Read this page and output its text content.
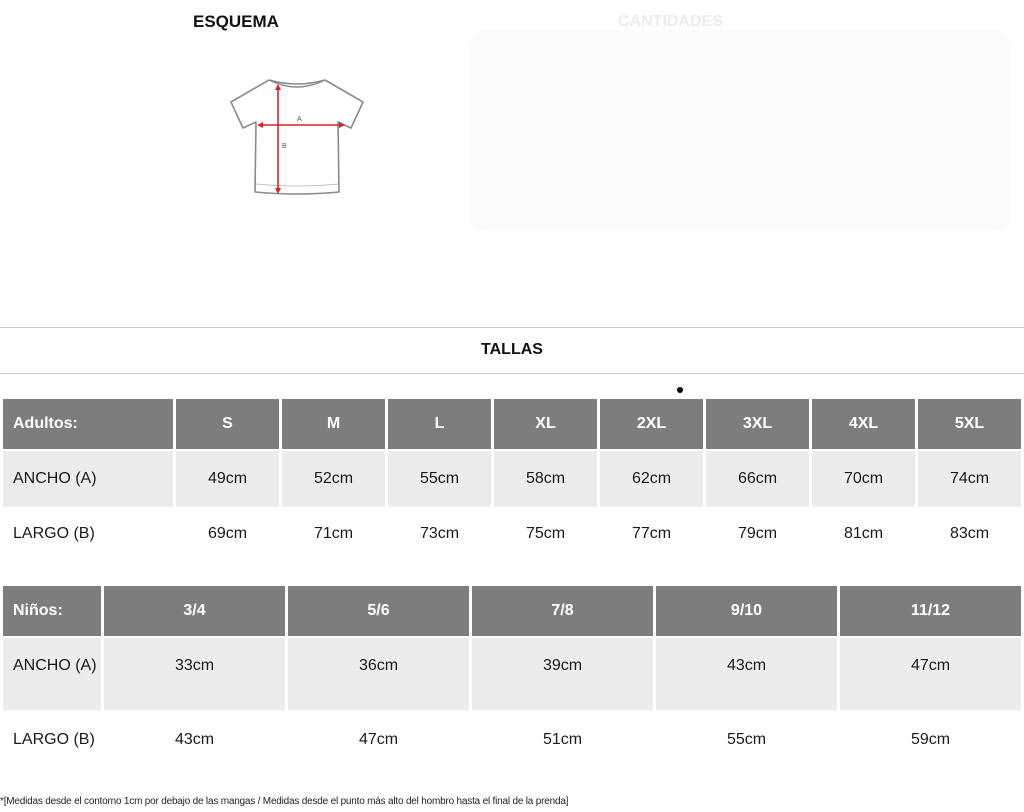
ESQUEMA	CANTIDADES
A
B
TALLAS
Adultos:	S	M	L	XL	2XL	3XL	4XL	5XL
ANCHO (A)	49cm	52cm	55cm	58cm	62cm	66cm	70cm	74cm
LARGO (B)	69cm	71cm	73cm	75cm	77cm	79cm	81cm	83cm
Niños:	3/4	5/6	7/8	9/10	11/12
ANCHO (A)	33cm	36cm	39cm	43cm	47cm
LARGO (B)	43cm	47cm	51cm	55cm	59cm
*[Medidas desde el contorno 1cm por debajo de las mangas / Medidas desde el punto más alto del hombro hasta el final de la prenda]
